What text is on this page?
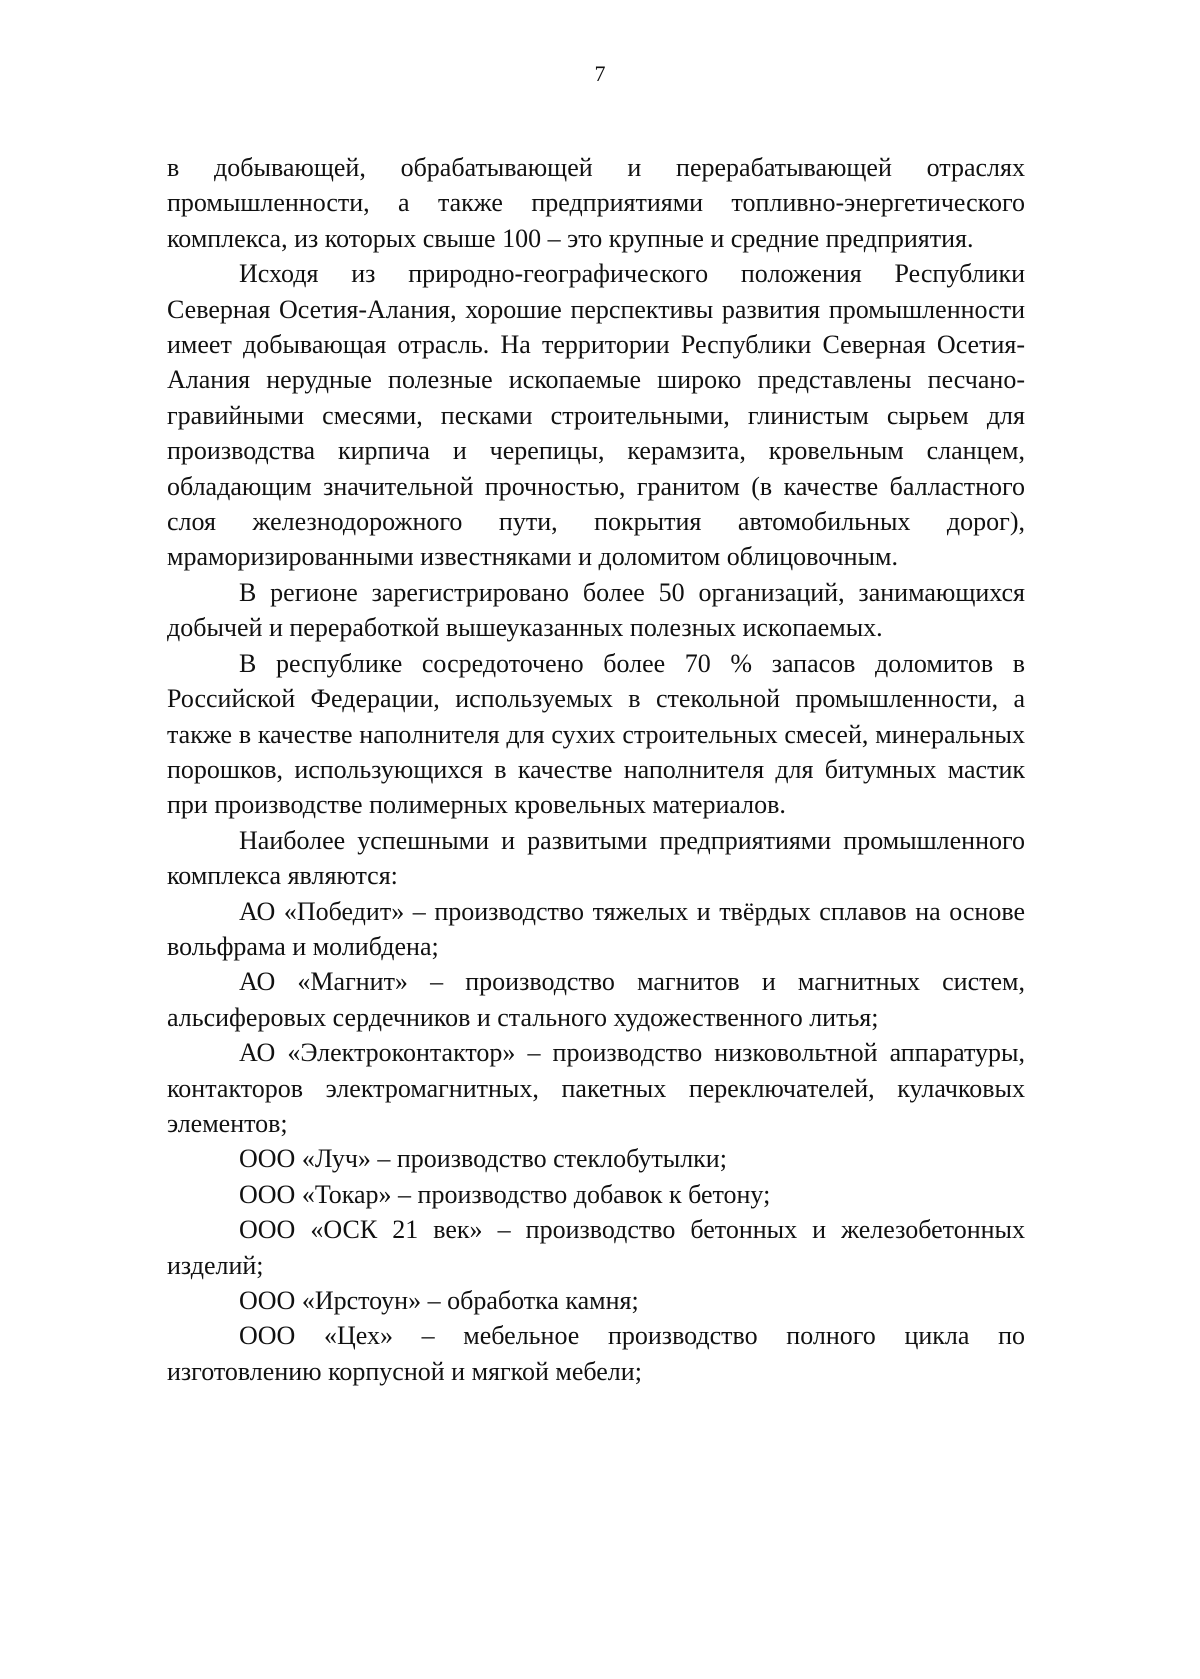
7

в добывающей, обрабатывающей и перерабатывающей отраслях промышленности, а также предприятиями топливно-энергетического комплекса, из которых свыше 100 – это крупные и средние предприятия.

Исходя из природно-географического положения Республики Северная Осетия-Алания, хорошие перспективы развития промышленности имеет добывающая отрасль. На территории Республики Северная Осетия-Алания нерудные полезные ископаемые широко представлены песчано-гравийными смесями, песками строительными, глинистым сырьем для производства кирпича и черепицы, керамзита, кровельным сланцем, обладающим значительной прочностью, гранитом (в качестве балластного слоя железнодорожного пути, покрытия автомобильных дорог), мраморизированными известняками и доломитом облицовочным.

В регионе зарегистрировано более 50 организаций, занимающихся добычей и переработкой вышеуказанных полезных ископаемых.

В республике сосредоточено более 70 % запасов доломитов в Российской Федерации, используемых в стекольной промышленности, а также в качестве наполнителя для сухих строительных смесей, минеральных порошков, использующихся в качестве наполнителя для битумных мастик при производстве полимерных кровельных материалов.

Наиболее успешными и развитыми предприятиями промышленного комплекса являются:

АО «Победит» – производство тяжелых и твёрдых сплавов на основе вольфрама и молибдена;

АО «Магнит» – производство магнитов и магнитных систем, альсиферовых сердечников и стального художественного литья;

АО «Электроконтактор» – производство низковольтной аппаратуры, контакторов электромагнитных, пакетных переключателей, кулачковых элементов;

ООО «Луч» – производство стеклобутылки;

ООО «Токар» – производство добавок к бетону;

ООО «ОСК 21 век» – производство бетонных и железобетонных изделий;

ООО «Ирстоун» – обработка камня;

ООО «Цех» – мебельное производство полного цикла по изготовлению корпусной и мягкой мебели;
